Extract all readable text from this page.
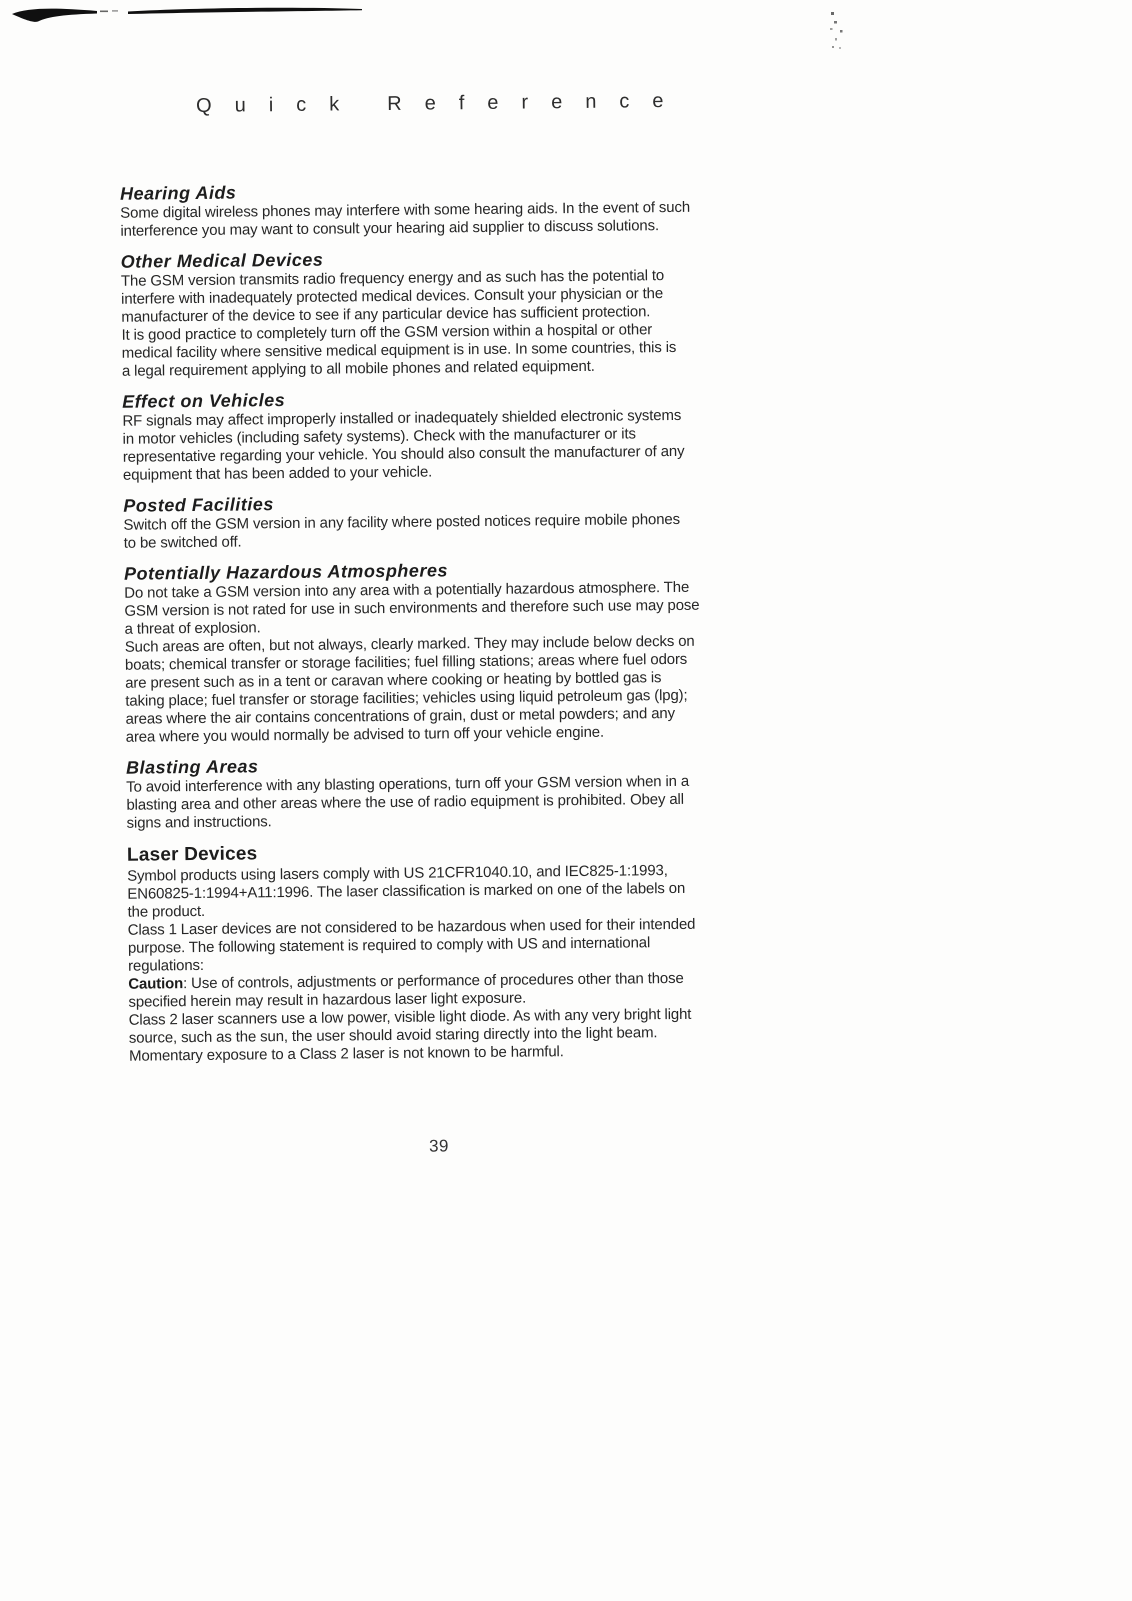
Quick Reference
Hearing Aids

Some digital wireless phones may interfere with some hearing aids. In the event of such
interference you may want to consult your hearing aid supplier to discuss solutions.

Other Medical Devices

The GSM version transmits radio frequency energy and as such has the potential to
interfere with inadequately protected medical devices. Consult your physician or the
manufacturer of the device to see if any particular device has sufficient protection.
It is good practice to completely turn off the GSM version within a hospital or other
medical facility where sensitive medical equipment is in use. In some countries, this is
a legal requirement applying to all mobile phones and related equipment.

Effect on Vehicles

RF signals may affect improperly installed or inadequately shielded electronic systems
in motor vehicles (including safety systems). Check with the manufacturer or its
representative regarding your vehicle. You should also consult the manufacturer of any
equipment that has been added to your vehicle.

Posted Facilities

Switch off the GSM version in any facility where posted notices require mobile phones
to be switched off.

Potentially Hazardous Atmospheres

Do not take a GSM version into any area with a potentially hazardous atmosphere. The
GSM version is not rated for use in such environments and therefore such use may pose
a threat of explosion.

Such areas are often, but not always, clearly marked. They may include below decks on
boats; chemical transfer or storage facilities; fuel filling stations; areas where fuel odors
are present such as in a tent or caravan where cooking or heating by bottled gas is
taking place; fuel transfer or storage facilities; vehicles using liquid petroleum gas (lpg);
areas where the air contains concentrations of grain, dust or metal powders; and any
area where you would normally be advised to turn off your vehicle engine.

Blasting Areas

To avoid interference with any blasting operations, turn off your GSM version when in a
blasting area and other areas where the use of radio equipment is prohibited. Obey all
signs and instructions.

Laser Devices

Symbol products using lasers comply with US 21CFR1040.10, and IEC825-1:1993,
EN60825-1:1994+A11:1996. The laser classification is marked on one of the labels on
the product.

Class 1 Laser devices are not considered to be hazardous when used for their intended
purpose. The following statement is required to comply with US and international
regulations:

Caution: Use of controls, adjustments or performance of procedures other than those
specified herein may result in hazardous laser light exposure.

Class 2 laser scanners use a low power, visible light diode. As with any very bright light
source, such as the sun, the user should avoid staring directly into the light beam.
Momentary exposure to a Class 2 laser is not known to be harmful.

39
